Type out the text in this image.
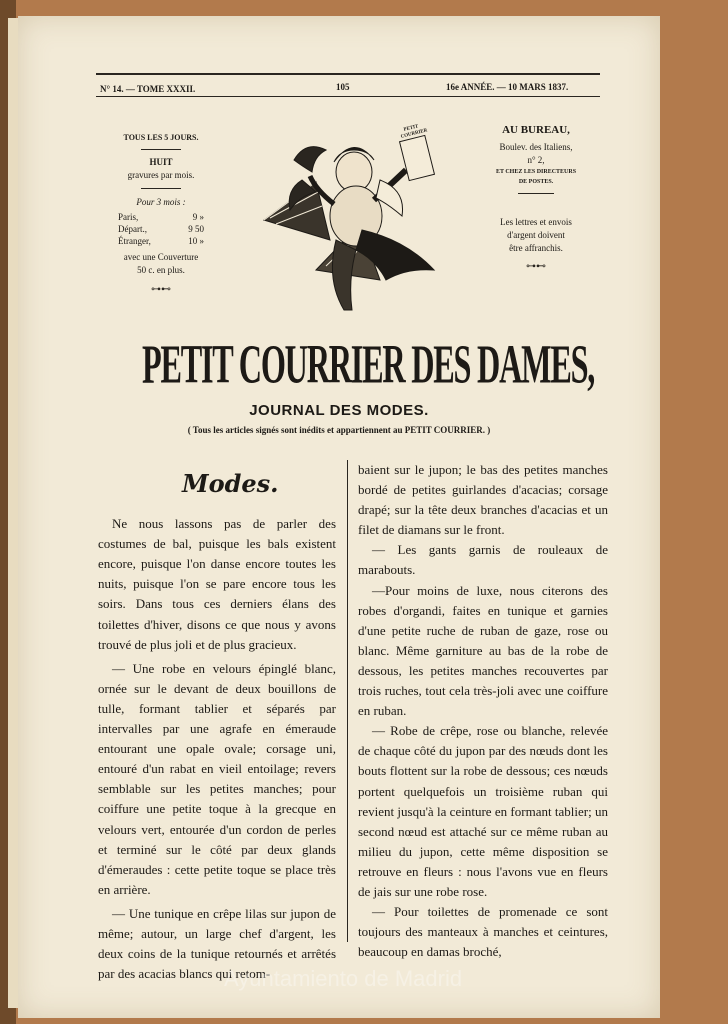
N° 14. — TOME XXXII.	105	16e ANNÉE. — 10 MARS 1837.
TOUS LES 5 JOURS.
HUIT
gravures par mois.
Pour 3 mois :
Paris,	9 »
Départ.,	9 50
Étranger,	10 »
avec une Couverture
50 c. en plus.
⊶⊷
PETIT COURRIER	AU BUREAU,
Boulev. des Italiens,
n° 2,
ET CHEZ LES DIRECTEURS
DE POSTES.
Les lettres et envois
d'argent doivent
être affranchis.
⊶⊷
PETIT COURRIER DES DAMES,
JOURNAL DES MODES.
( Tous les articles signés sont inédits et appartiennent au PETIT COURRIER. )
Modes.

Ne nous lassons pas de parler des costumes de bal, puisque les bals existent encore, puisque l'on danse encore toutes les nuits, puisque l'on se pare encore tous les soirs. Dans tous ces derniers élans des toilettes d'hiver, disons ce que nous y avons trouvé de plus joli et de plus gracieux.

— Une robe en velours épinglé blanc, ornée sur le devant de deux bouillons de tulle, formant tablier et séparés par intervalles par une agrafe en émeraude entourant une opale ovale; corsage uni, entouré d'un rabat en vieil entoilage; revers semblable sur les petites manches; pour coiffure une petite toque à la grecque en velours vert, entourée d'un cordon de perles et terminé sur le côté par deux glands d'émeraudes : cette petite toque se place très en arrière.

— Une tunique en crêpe lilas sur jupon de même; autour, un large chef d'argent, les deux coins de la tunique retournés et arrêtés par des acacias blancs qui retom-

baient sur le jupon; le bas des petites manches bordé de petites guirlandes d'acacias; corsage drapé; sur la tête deux branches d'acacias et un filet de diamans sur le front.

— Les gants garnis de rouleaux de marabouts.

—Pour moins de luxe, nous citerons des robes d'organdi, faites en tunique et garnies d'une petite ruche de ruban de gaze, rose ou blanc. Même garniture au bas de la robe de dessous, les petites manches recouvertes par trois ruches, tout cela très-joli avec une coiffure en ruban.

— Robe de crêpe, rose ou blanche, relevée de chaque côté du jupon par des nœuds dont les bouts flottent sur la robe de dessous; ces nœuds portent quelquefois un troisième ruban qui revient jusqu'à la ceinture en formant tablier; un second nœud est attaché sur ce même ruban au milieu du jupon, cette même disposition se retrouve en fleurs : nous l'avons vue en fleurs de jais sur une robe rose.

— Pour toilettes de promenade ce sont toujours des manteaux à manches et ceintures, beaucoup en damas broché,

Ayuntamiento de Madrid
